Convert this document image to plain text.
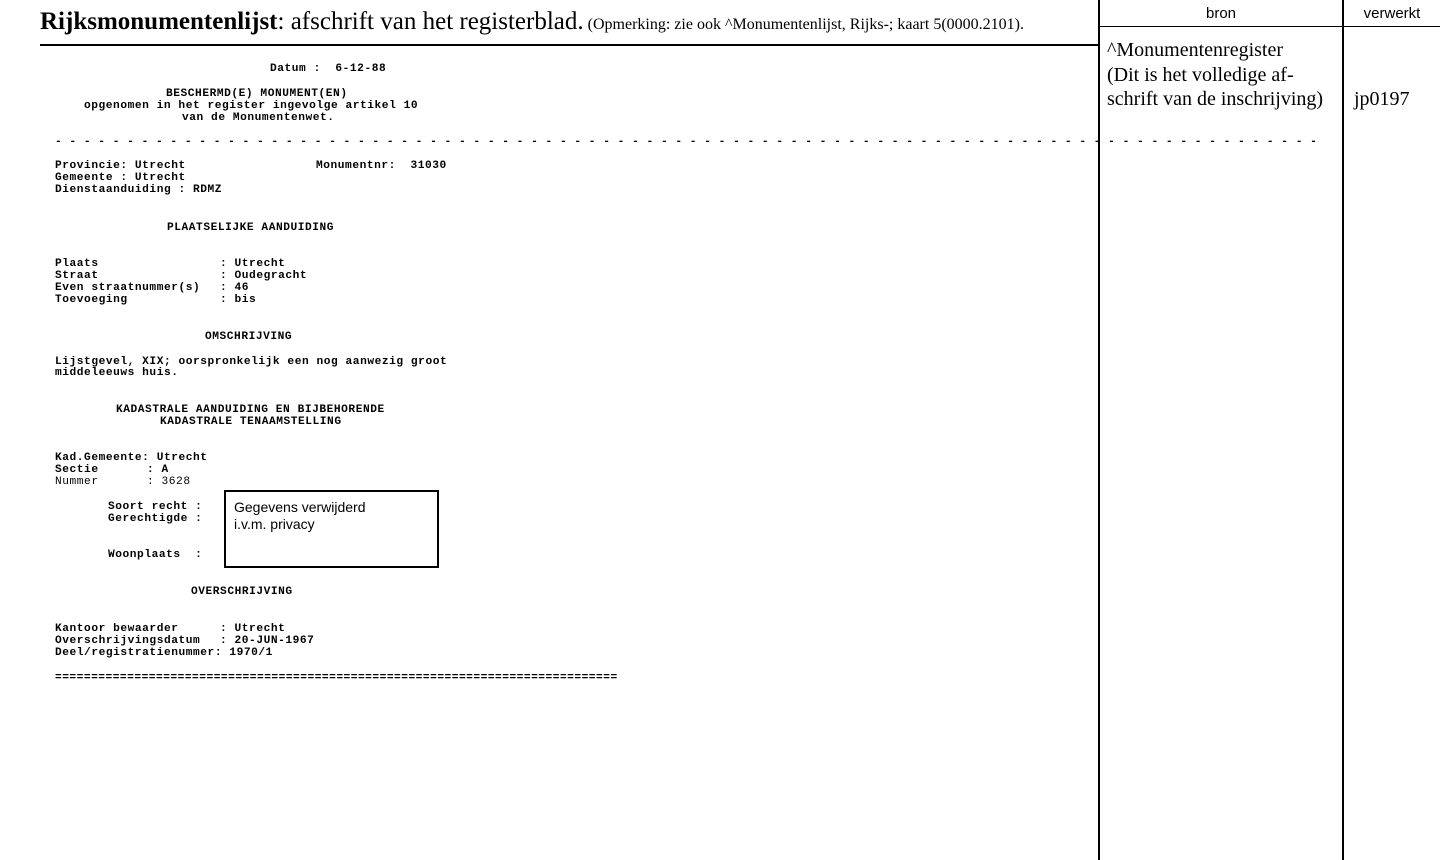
Rijksmonumentenlijst: afschrift van het registerblad. (Opmerking: zie ook ^Monumentenlijst, Rijks-; kaart 5(0000.2101).
bron	verwerkt
^Monumentenregister
(Dit is het volledige af-
schrift van de inschrijving)	jp0197
Datum :  6-12-88
BESCHERMD(E) MONUMENT(EN)
opgenomen in het register ingevolge artikel 10
van de Monumentenwet.
- - - - - - - - - - - - - - - - - - - - - - - - - - - - - - - - - - - - - - - - - - - - - - - - - - - - - - - - - - - - - - - - - - - - - - - - - - - - - - - - - - - - - - - -
Provincie: Utrecht	Monumentnr:  31030
Gemeente : Utrecht
Dienstaanduiding : RDMZ
PLAATSELIJKE AANDUIDING
Plaats	: Utrecht
Straat	: Oudegracht
Even straatnummer(s) : 46
Toevoeging	: bis
OMSCHRIJVING
Lijstgevel, XIX; oorspronkelijk een nog aanwezig groot
middeleeuws huis.
KADASTRALE AANDUIDING EN BIJBEHORENDE
KADASTRALE TENAAMSTELLING
Kad.Gemeente: Utrecht
Sectie	: A
Nummer	: 3628
Soort recht :
Gerechtigde :
Woonplaats  :
Gegevens verwijderd
i.v.m. privacy
OVERSCHRIJVING
Kantoor bewaarder	: Utrecht
Overschrijvingsdatum : 20-JUN-1967
Deel/registratienummer: 1970/1
==============================================================================
